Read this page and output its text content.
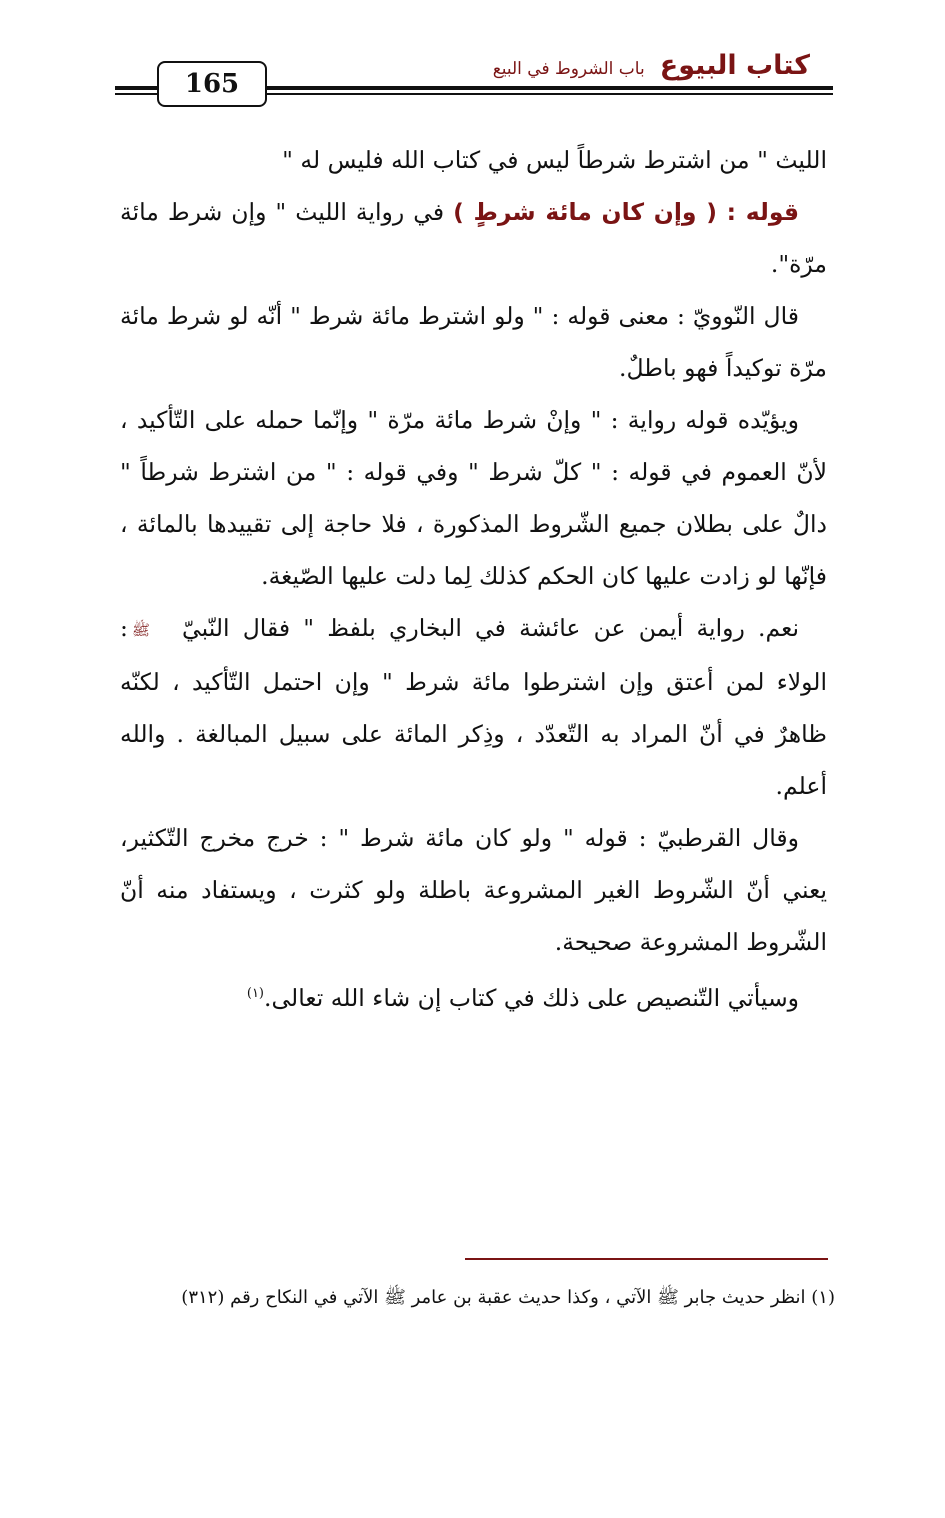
كتاب البيوع باب الشروط في البيع
165

الليث " من اشترط شرطاً ليس في كتاب الله فليس له "

قوله : ( وإن كان مائة شرطٍ ) في رواية الليث " وإن شرط مائة مرّة".

قال النّوويّ : معنى قوله : " ولو اشترط مائة شرط " أنّه لو شرط مائة مرّة توكيداً فهو باطلٌ.

ويؤيّده قوله رواية : " وإنْ شرط مائة مرّة " وإنّما حمله على التّأكيد ، لأنّ العموم في قوله : " كلّ شرط " وفي قوله : " من اشترط شرطاً " دالٌ على بطلان جميع الشّروط المذكورة ، فلا حاجة إلى تقييدها بالمائة ، فإنّها لو زادت عليها كان الحكم كذلك لِما دلت عليها الصّيغة.

نعم. رواية أيمن عن عائشة في البخاري بلفظ " فقال النّبيّﷺ: الولاء لمن أعتق وإن اشترطوا مائة شرط " وإن احتمل التّأكيد ، لكنّه ظاهرٌ في أنّ المراد به التّعدّد ، وذِكر المائة على سبيل المبالغة . والله أعلم.

وقال القرطبيّ : قوله " ولو كان مائة شرط " : خرج مخرج التّكثير، يعني أنّ الشّروط الغير المشروعة باطلة ولو كثرت ، ويستفاد منه أنّ الشّروط المشروعة صحيحة.

وسيأتي التّنصيص على ذلك في كتاب إن شاء الله تعالى.$^{(١)}$

(١) انظر حديث جابر ﷺ الآتي ، وكذا حديث عقبة بن عامر ﷺ الآتي في النكاح رقم (٣١٢)
